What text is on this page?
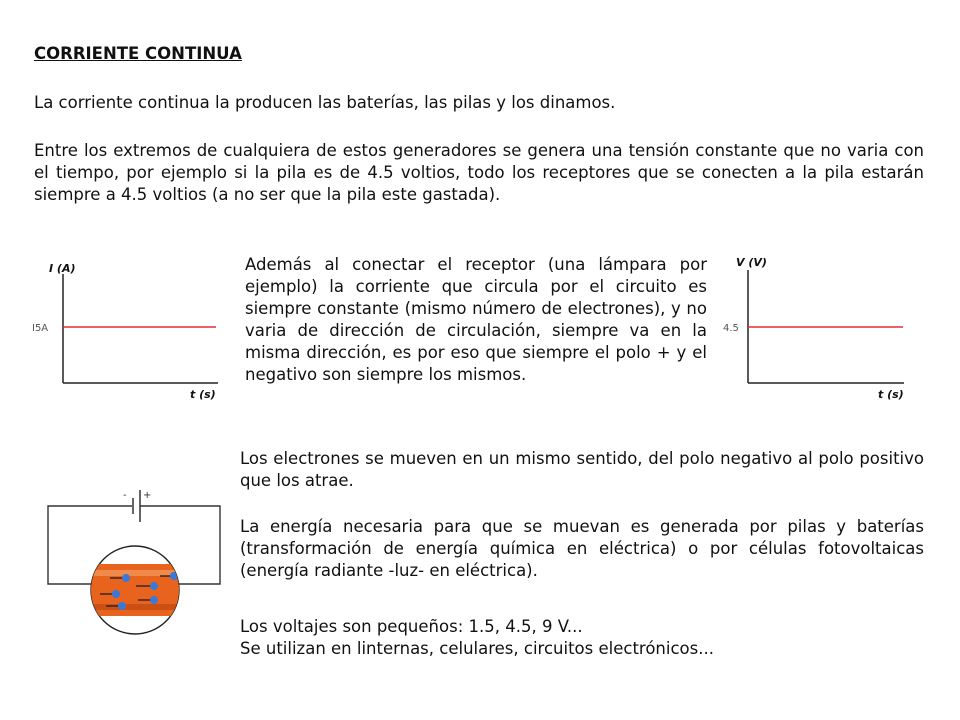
CORRIENTE CONTINUA

La corriente continua la producen las baterías, las pilas y los dinamos.

Entre los extremos de cualquiera de estos generadores se genera una tensión constante que no varia con el tiempo, por ejemplo si la pila es de 4.5 voltios, todo los receptores que se conecten a la pila estarán siempre a 4.5 voltios (a no ser que la pila este gastada).

I (A)
t (s)
I5A

Además al conectar el receptor (una lámpara por ejemplo) la corriente que circula por el circuito es siempre constante (mismo número de electrones), y no varia de dirección de circulación, siempre va en la misma dirección, es por eso que siempre el polo + y el negativo son siempre los mismos.

V (V)
t (s)
4.5
- +

Los electrones se mueven en un mismo sentido, del polo negativo al polo positivo que los atrae.

La energía necesaria para que se muevan es generada por pilas y baterías (transformación de energía química en eléctrica) o por células fotovoltaicas (energía radiante -luz- en eléctrica).

Los voltajes son pequeños: 1.5, 4.5, 9 V...
Se utilizan en linternas, celulares, circuitos electrónicos...
